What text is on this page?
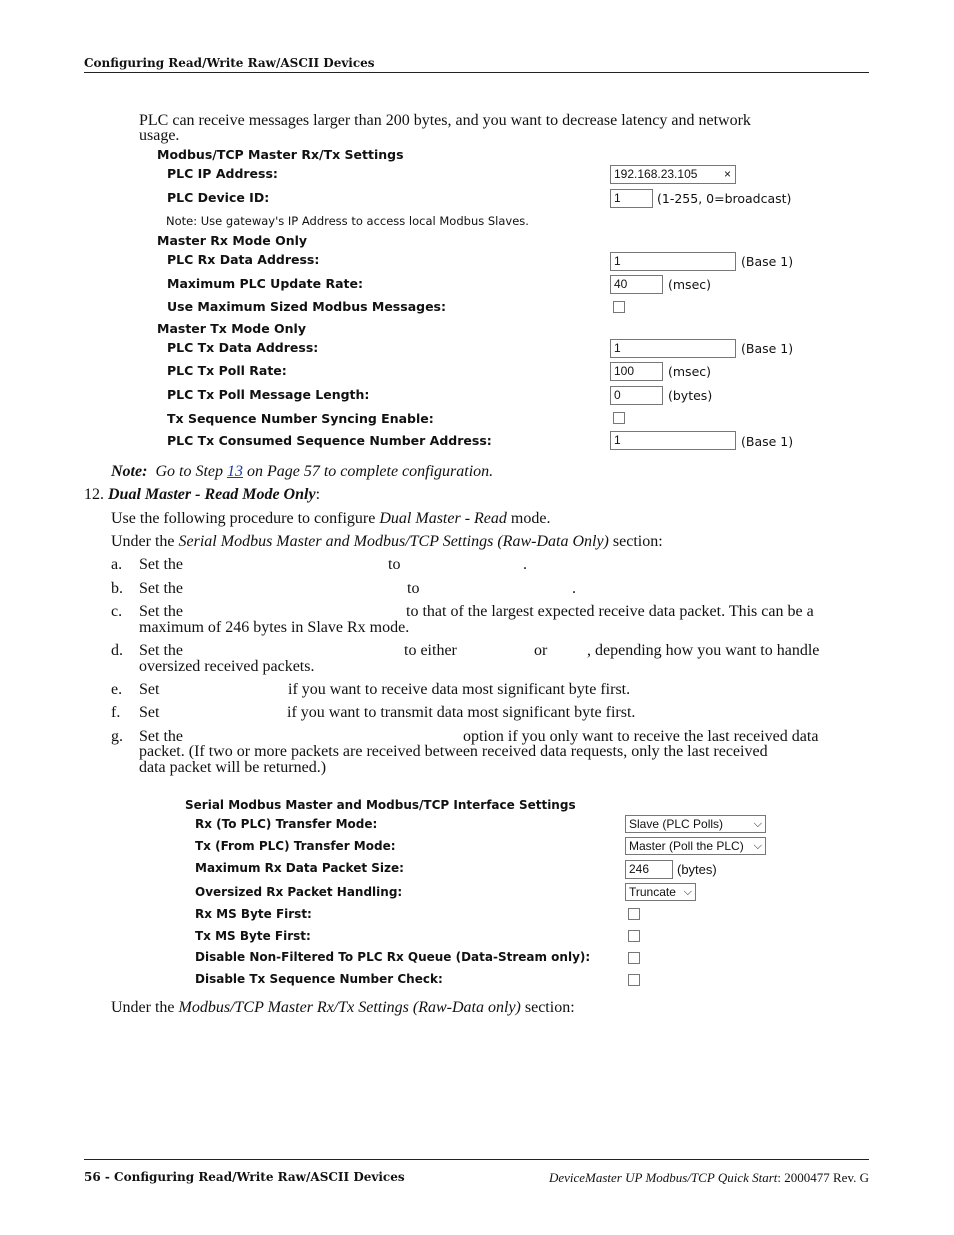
Configuring Read/Write Raw/ASCII Devices
PLC can receive messages larger than 200 bytes, and you want to decrease latency and network
usage.
Modbus/TCP Master Rx/Tx Settings
PLC IP Address:	192.168.23.105 ×
PLC Device ID:	1	(1-255, 0=broadcast)
Note: Use gateway's IP Address to access local Modbus Slaves.
Master Rx Mode Only
PLC Rx Data Address:	1	(Base 1)
Maximum PLC Update Rate:	40	(msec)
Use Maximum Sized Modbus Messages:
Master Tx Mode Only
PLC Tx Data Address:	1	(Base 1)
PLC Tx Poll Rate:	100	(msec)
PLC Tx Poll Message Length:	0	(bytes)
Tx Sequence Number Syncing Enable:
PLC Tx Consumed Sequence Number Address:	1	(Base 1)
Note: Go to Step 13 on Page 57 to complete configuration.
12. Dual Master - Read Mode Only:
Use the following procedure to configure Dual Master - Read mode.
Under the Serial Modbus Master and Modbus/TCP Settings (Raw-Data Only) section:
a. Set the	to	.
b. Set the	to	.
c. Set the	to that of the largest expected receive data packet. This can be a
maximum of 246 bytes in Slave Rx mode.
d. Set the	to either	or , depending how you want to handle
oversized received packets.
e. Set	if you want to receive data most significant byte first.
f. Set	if you want to transmit data most significant byte first.
g. Set the	option if you only want to receive the last received data
packet. (If two or more packets are received between received data requests, only the last received
data packet will be returned.)
Serial Modbus Master and Modbus/TCP Interface Settings
Rx (To PLC) Transfer Mode:	Slave (PLC Polls)	⌵
Tx (From PLC) Transfer Mode:	Master (Poll the PLC) ⌵
Maximum Rx Data Packet Size:	246	(bytes)
Oversized Rx Packet Handling:	Truncate ⌵
Rx MS Byte First:
Tx MS Byte First:
Disable Non-Filtered To PLC Rx Queue (Data-Stream only):
Disable Tx Sequence Number Check:
Under the Modbus/TCP Master Rx/Tx Settings (Raw-Data only) section:
56 - Configuring Read/Write Raw/ASCII Devices	DeviceMaster UP Modbus/TCP Quick Start: 2000477 Rev. G
